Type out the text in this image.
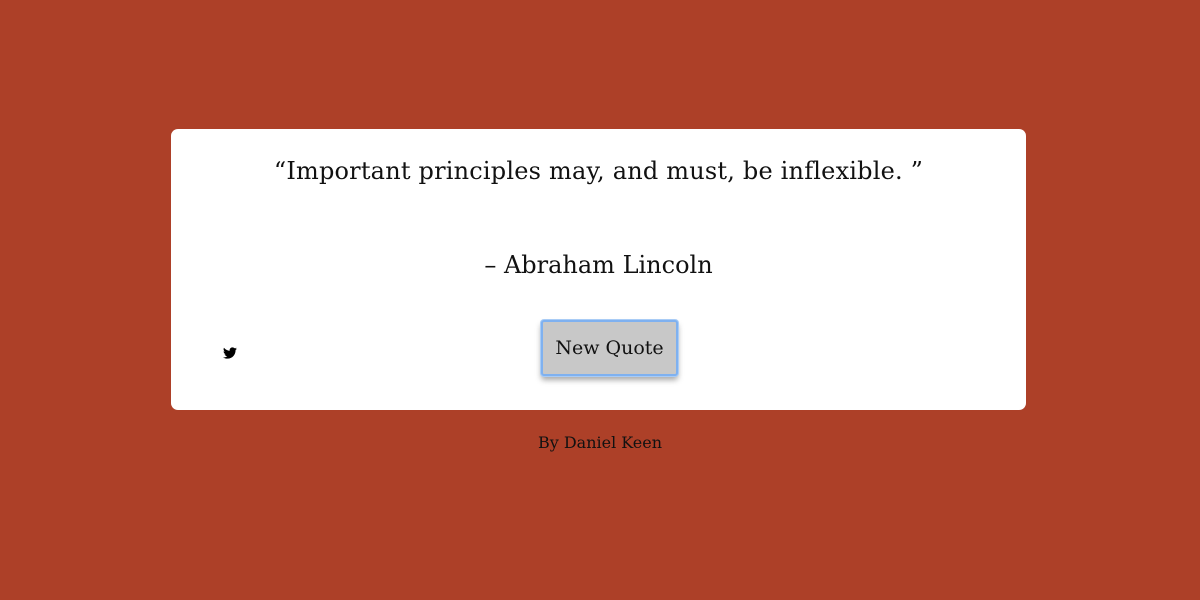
“Important principles may, and must, be inflexible. ”
– Abraham Lincoln
New Quote
By Daniel Keen
